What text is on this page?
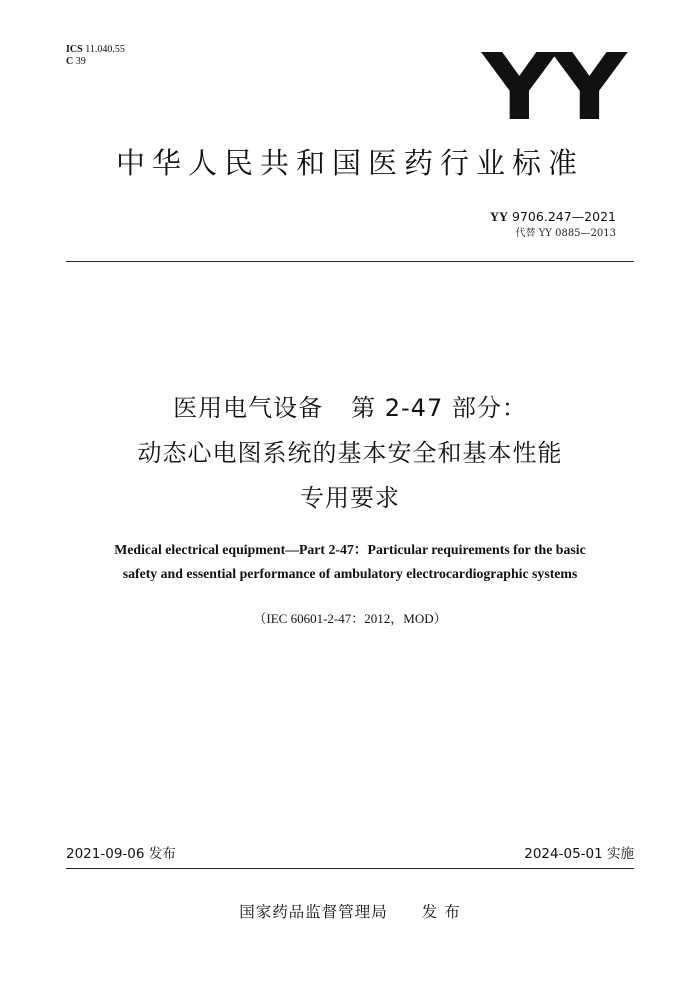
ICS 11.040.55
C 39	YY
中华人民共和国医药行业标准
YY 9706.247—2021
代替 YY 0885—2013
医用电气设备 第 2-47 部分：
动态心电图系统的基本安全和基本性能
专用要求
Medical electrical equipment—Part 2-47：Particular requirements for the basic
safety and essential performance of ambulatory electrocardiographic systems
（IEC 60601-2-47：2012，MOD）
2021-09-06 发布	2024-05-01 实施
国家药品监督管理局 发 布
